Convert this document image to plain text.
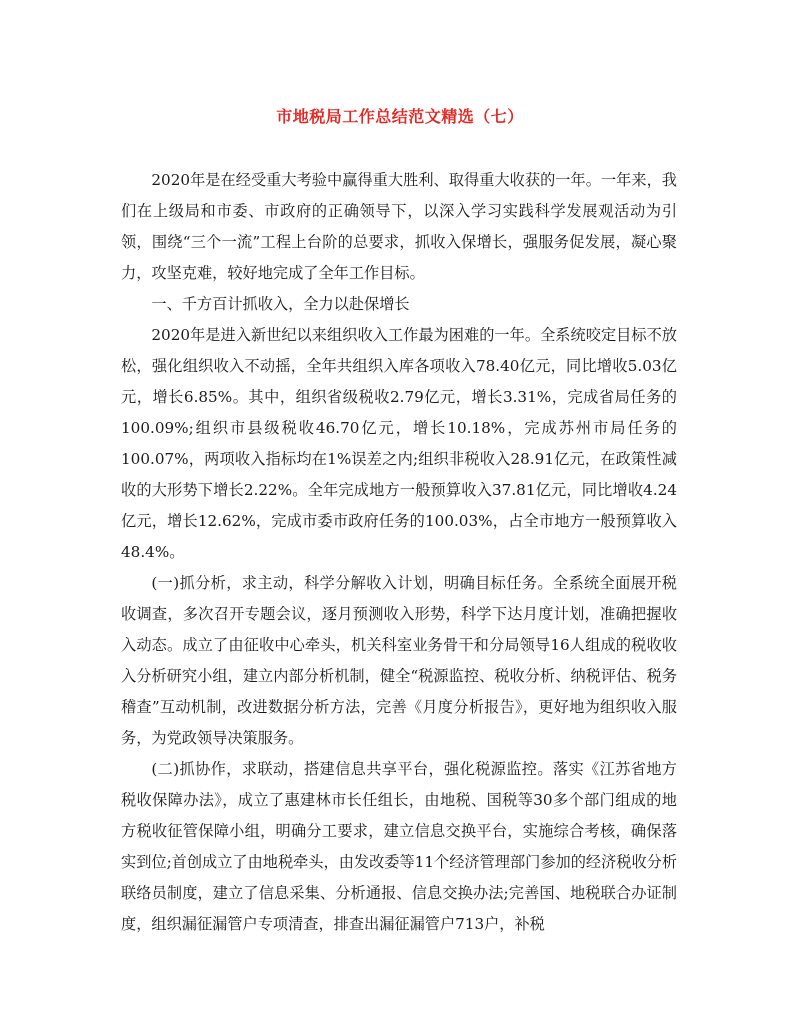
市地税局工作总结范文精选（七）

2020年是在经受重大考验中赢得重大胜利、取得重大收获的一年。一年来，我们在上级局和市委、市政府的正确领导下，以深入学习实践科学发展观活动为引领，围绕“三个一流”工程上台阶的总要求，抓收入保增长，强服务促发展，凝心聚力，攻坚克难，较好地完成了全年工作目标。

一、千方百计抓收入，全力以赴保增长

2020年是进入新世纪以来组织收入工作最为困难的一年。全系统咬定目标不放松，强化组织收入不动摇，全年共组织入库各项收入78.40亿元，同比增收5.03亿元，增长6.85%。其中，组织省级税收2.79亿元，增长3.31%，完成省局任务的100.09%;组织市县级税收46.70亿元，增长10.18%，完成苏州市局任务的100.07%，两项收入指标均在1%误差之内;组织非税收入28.91亿元，在政策性减收的大形势下增长2.22%。全年完成地方一般预算收入37.81亿元，同比增收4.24亿元，增长12.62%，完成市委市政府任务的100.03%，占全市地方一般预算收入48.4%。

(一)抓分析，求主动，科学分解收入计划，明确目标任务。全系统全面展开税收调查，多次召开专题会议，逐月预测收入形势，科学下达月度计划，准确把握收入动态。成立了由征收中心牵头，机关科室业务骨干和分局领导16人组成的税收收入分析研究小组，建立内部分析机制，健全“税源监控、税收分析、纳税评估、税务稽查”互动机制，改进数据分析方法，完善《月度分析报告》，更好地为组织收入服务，为党政领导决策服务。

(二)抓协作，求联动，搭建信息共享平台，强化税源监控。落实《江苏省地方税收保障办法》，成立了惠建林市长任组长，由地税、国税等30多个部门组成的地方税收征管保障小组，明确分工要求，建立信息交换平台，实施综合考核，确保落实到位;首创成立了由地税牵头，由发改委等11个经济管理部门参加的经济税收分析联络员制度，建立了信息采集、分析通报、信息交换办法;完善国、地税联合办证制度，组织漏征漏管户专项清查，排查出漏征漏管户713户，补税
